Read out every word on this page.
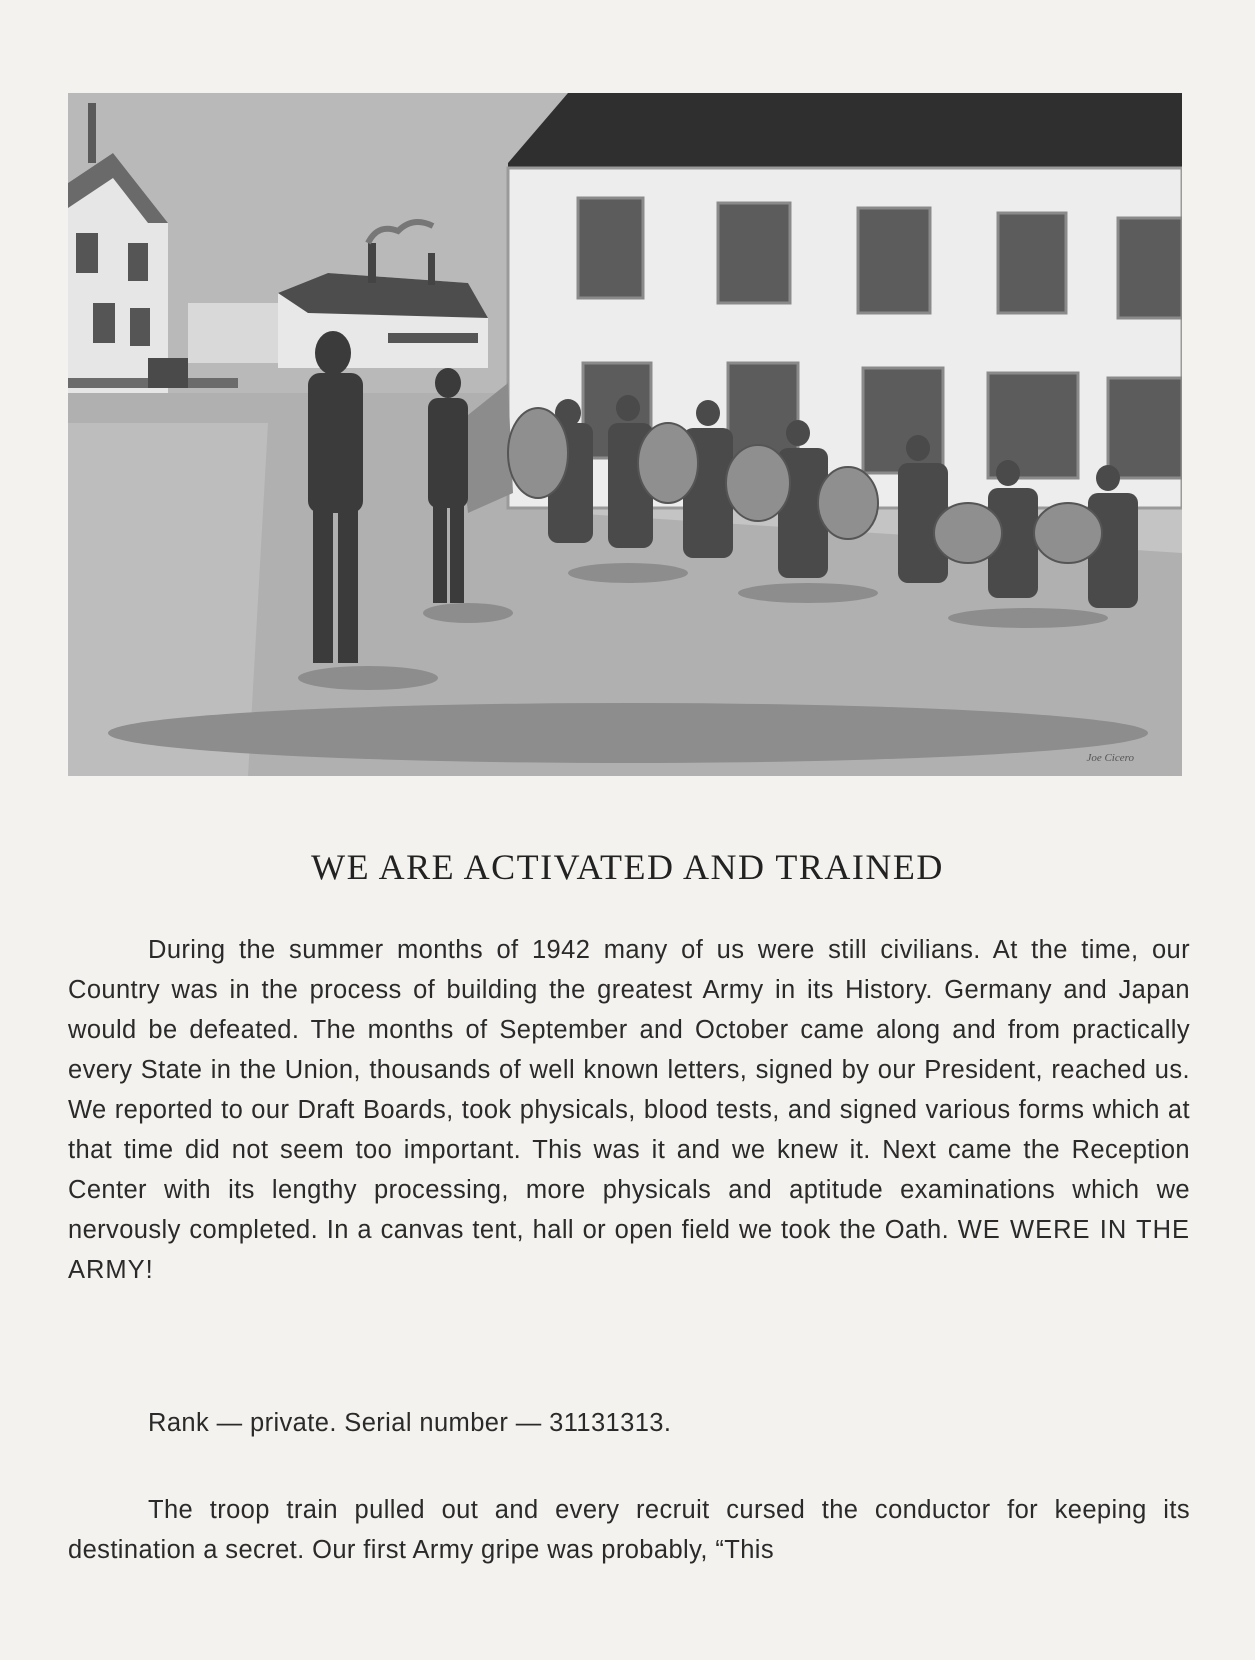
Joe Cicero
WE ARE ACTIVATED AND TRAINED

During the summer months of 1942 many of us were still civilians. At the time, our Country was in the process of building the greatest Army in its History. Germany and Japan would be defeated. The months of September and October came along and from practically every State in the Union, thousands of well known letters, signed by our President, reached us. We reported to our Draft Boards, took physicals, blood tests, and signed various forms which at that time did not seem too important. This was it and we knew it. Next came the Reception Center with its lengthy processing, more physicals and aptitude examinations which we nervously completed. In a canvas tent, hall or open field we took the Oath. WE WERE IN THE ARMY!

Rank — private. Serial number — 31131313.

The troop train pulled out and every recruit cursed the conductor for keeping its destination a secret. Our first Army gripe was probably, “This
